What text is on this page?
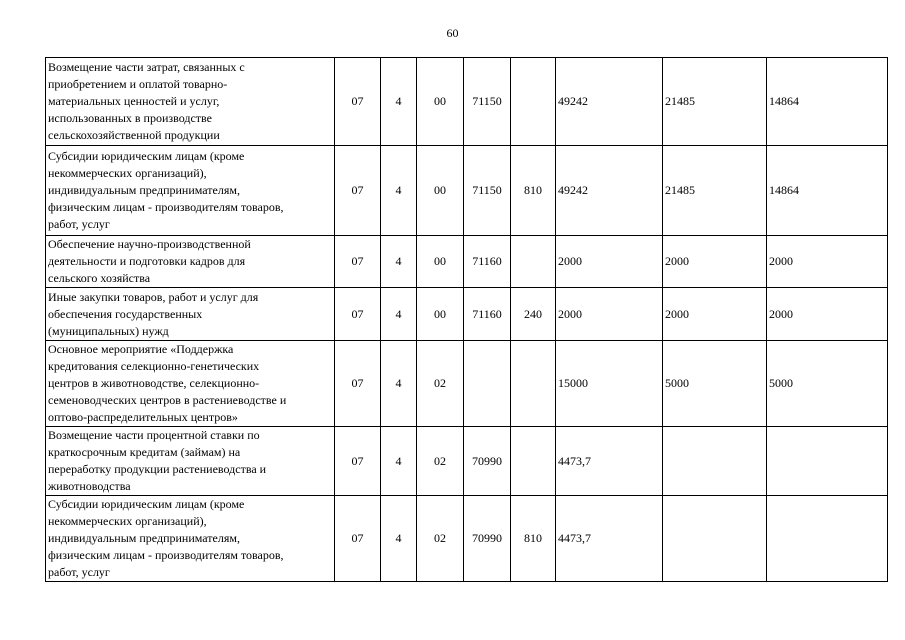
60
Возмещение части затрат, связанных с
приобретением и оплатой товарно-
материальных ценностей и услуг,
использованных в производстве
сельскохозяйственной продукции	07	4	00	71150		49242	21485	14864

Субсидии юридическим лицам (кроме
некоммерческих организаций),
индивидуальным предпринимателям,
физическим лицам - производителям товаров,
работ, услуг	07	4	00	71150	810	49242	21485	14864

Обеспечение научно-производственной
деятельности и подготовки кадров для
сельского хозяйства	07	4	00	71160		2000	2000	2000

Иные закупки товаров, работ и услуг для
обеспечения государственных
(муниципальных) нужд	07	4	00	71160	240	2000	2000	2000

Основное мероприятие «Поддержка
кредитования селекционно-генетических
центров в животноводстве, селекционно-
семеноводческих центров в растениеводстве и
оптово-распределительных центров»	07	4	02			15000	5000	5000

Возмещение части процентной ставки по
краткосрочным кредитам (займам) на
переработку продукции растениеводства и
животноводства	07	4	02	70990		4473,7		

Субсидии юридическим лицам (кроме
некоммерческих организаций),
индивидуальным предпринимателям,
физическим лицам - производителям товаров,
работ, услуг	07	4	02	70990	810	4473,7		
